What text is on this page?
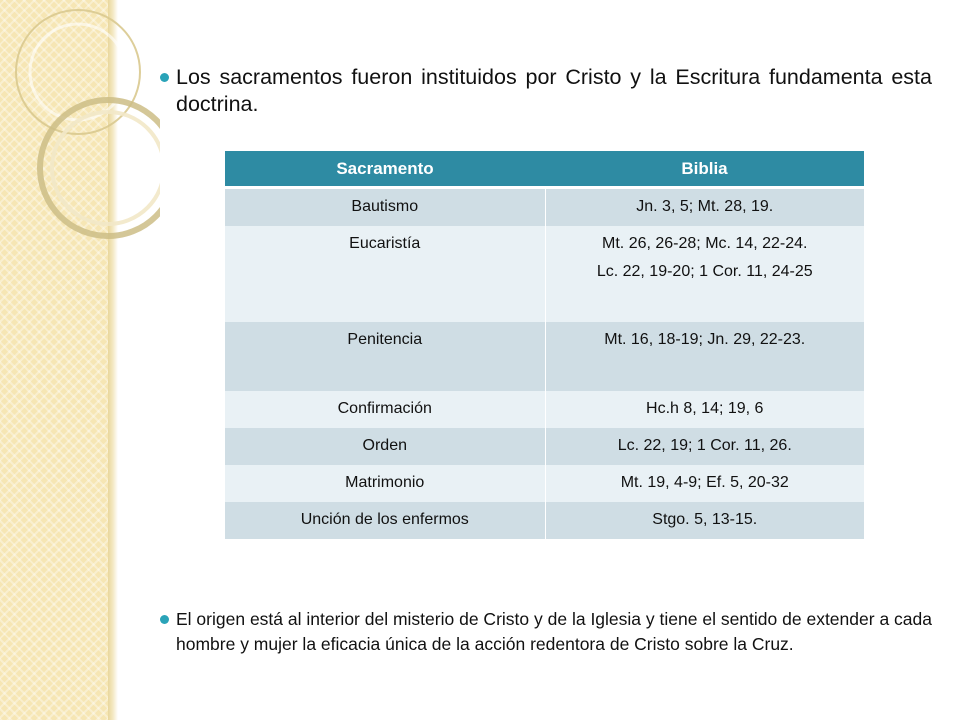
Los sacramentos fueron instituidos por Cristo y la Escritura fundamenta esta doctrina.
Sacramento	Biblia

Bautismo	Jn. 3, 5; Mt. 28, 19.

Eucaristía	Mt. 26, 26-28; Mc. 14, 22-24.
Lc. 22, 19-20; 1 Cor. 11, 24-25

Penitencia	Mt. 16, 18-19; Jn. 29, 22-23.

Confirmación	Hc.h 8, 14; 19, 6

Orden	Lc. 22, 19; 1 Cor. 11, 26.

Matrimonio	Mt. 19, 4-9; Ef. 5, 20-32

Unción de los enfermos	Stgo. 5, 13-15.
El origen está al interior del misterio de Cristo y de la Iglesia y tiene el sentido de extender a cada hombre y mujer la eficacia única de la acción redentora de Cristo sobre la Cruz.
